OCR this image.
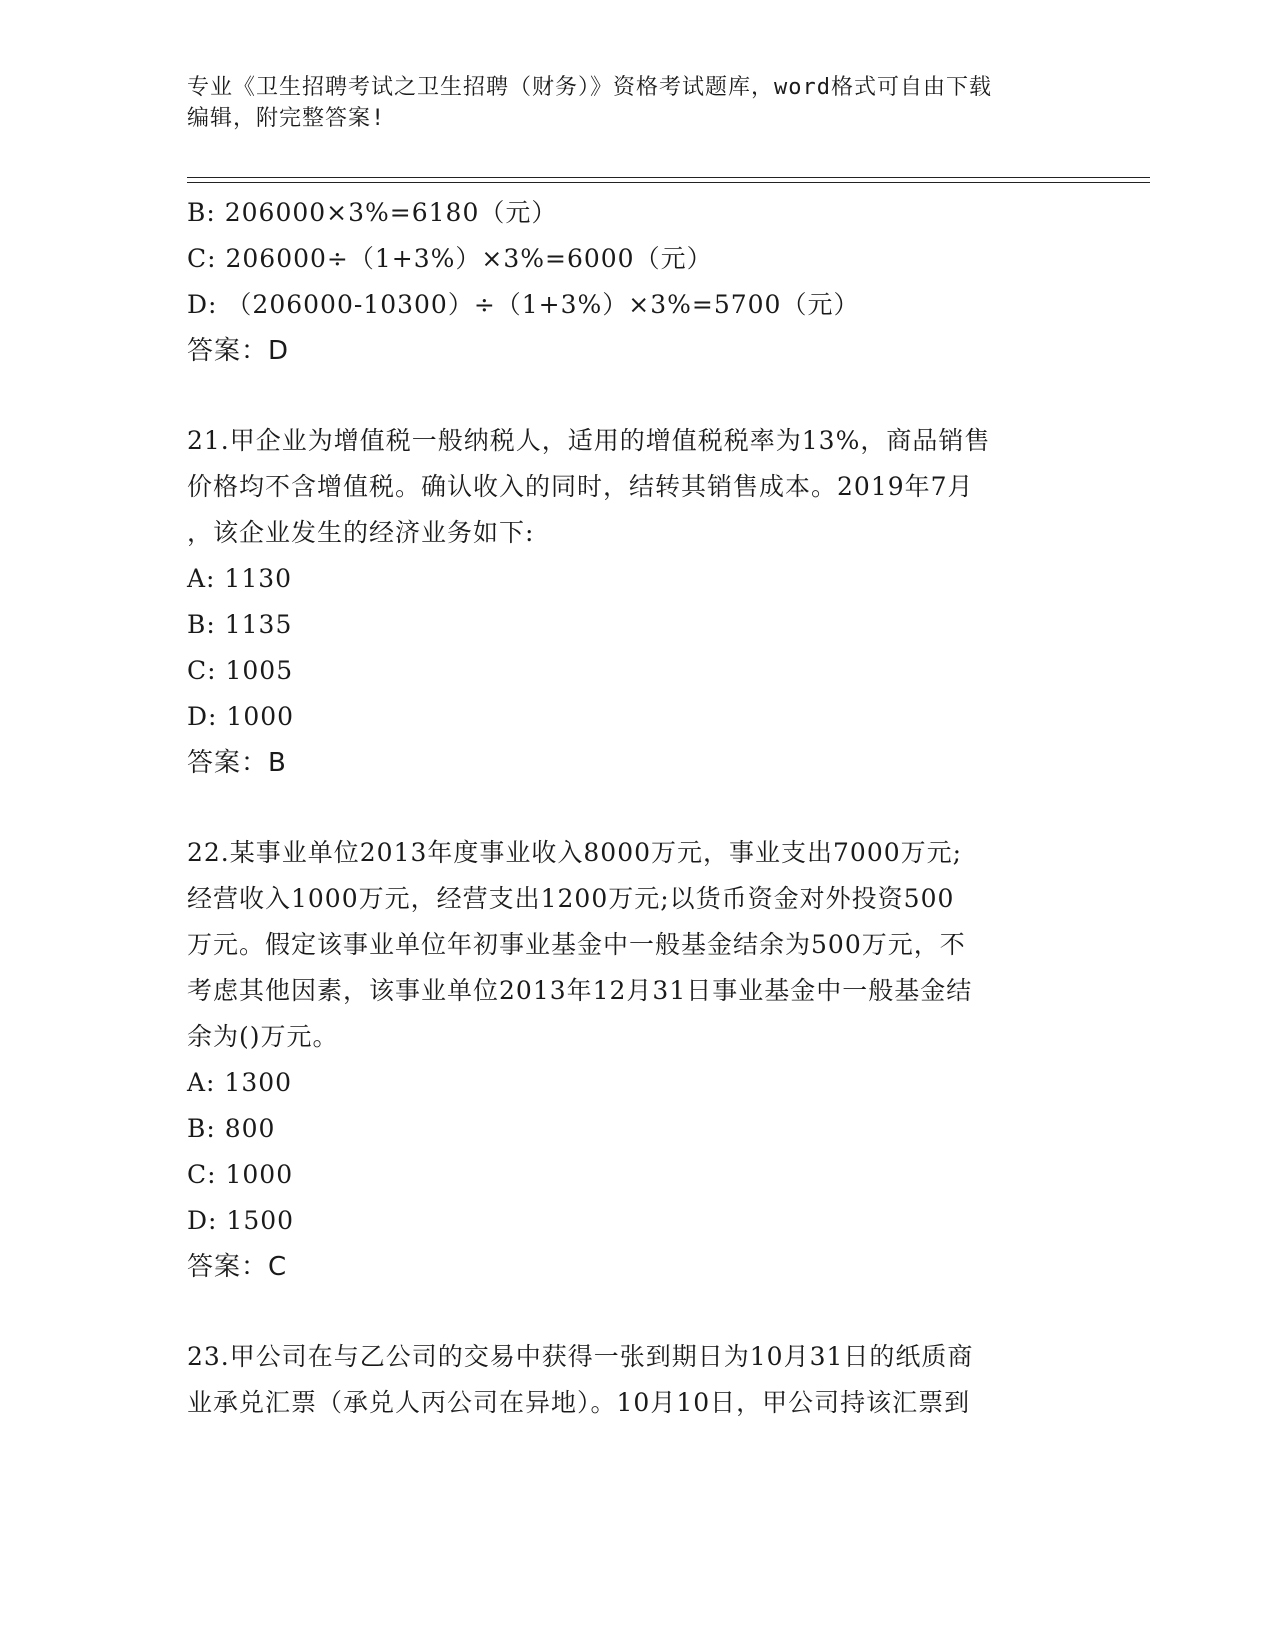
专业《卫生招聘考试之卫生招聘（财务）》资格考试题库，word格式可自由下载
编辑，附完整答案!
B: 206000×3%=6180（元）
C: 206000÷（1+3%）×3%=6000（元）
D: （206000-10300）÷（1+3%）×3%=5700（元）
答案：D
21.甲企业为增值税一般纳税人，适用的增值税税率为13%，商品销售
价格均不含增值税。确认收入的同时，结转其销售成本。2019年7月
，该企业发生的经济业务如下:
A: 1130
B: 1135
C: 1005
D: 1000
答案：B
22.某事业单位2013年度事业收入8000万元，事业支出7000万元;
经营收入1000万元，经营支出1200万元;以货币资金对外投资500
万元。假定该事业单位年初事业基金中一般基金结余为500万元，不
考虑其他因素，该事业单位2013年12月31日事业基金中一般基金结
余为()万元。
A: 1300
B: 800
C: 1000
D: 1500
答案：C
23.甲公司在与乙公司的交易中获得一张到期日为10月31日的纸质商
业承兑汇票（承兑人丙公司在异地）。10月10日，甲公司持该汇票到
